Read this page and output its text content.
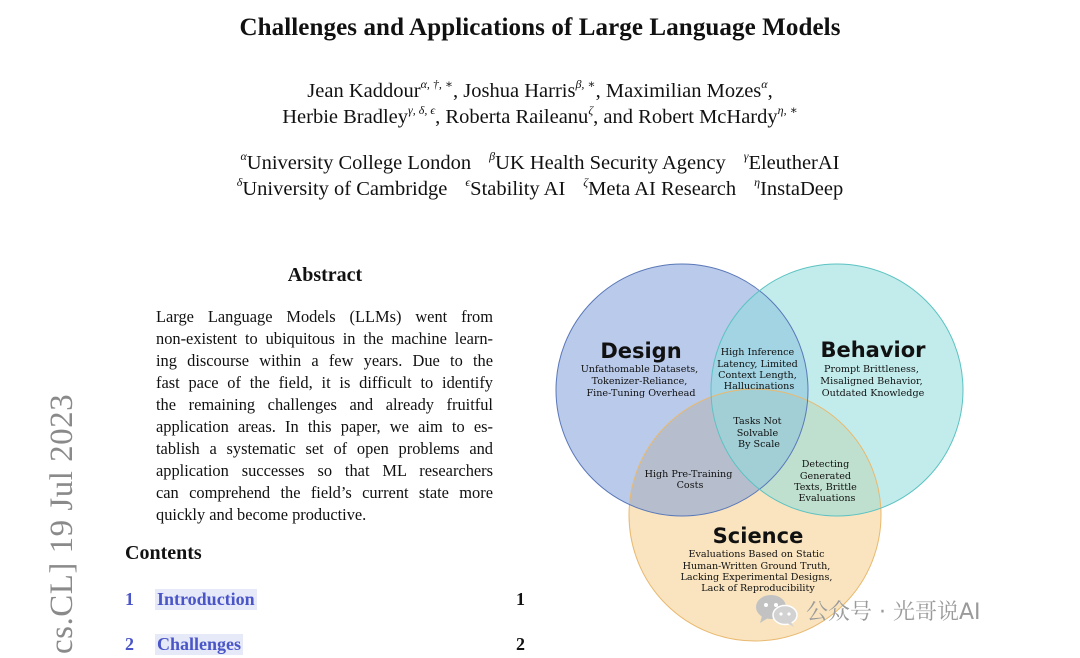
Challenges and Applications of Large Language Models
Jean Kaddour$^{\alpha, \dagger, ∗}$, Joshua Harris$^{\beta, ∗}$, Maximilian Mozes$^\alpha$,
Herbie Bradley$^{\gamma, \delta, \epsilon}$, Roberta Raileanu$^\zeta$, and Robert McHardy$^{\eta, ∗}$
$^\alpha$University College London $^\beta$UK Health Security Agency $^\gamma$EleutherAI
$^\delta$University of Cambridge $^\epsilon$Stability AI $^\zeta$Meta AI Research $^\eta$InstaDeep
Abstract
Large Language Models (LLMs) went from
non-existent to ubiquitous in the machine learn-
ing discourse within a few years. Due to the
fast pace of the field, it is difficult to identify
the remaining challenges and already fruitful
application areas. In this paper, we aim to es-
tablish a systematic set of open problems and
application successes so that ML researchers
can comprehend the field’s current state more
quickly and become productive.
Contents
1 Introduction	1
2 Challenges	2
cs.CL] 19 Jul 2023
Design
Unfathomable Datasets, Tokenizer-Reliance, Fine-Tuning Overhead
Behavior
Prompt Brittleness, Misaligned Behavior, Outdated Knowledge
Science
Evaluations Based on Static Human-Written Ground Truth, Lacking Experimental Designs, Lack of Reproducibility
High Inference Latency, Limited Context Length, Hallucinations
Tasks Not Solvable By Scale
High Pre-Training Costs
Detecting Generated Texts, Brittle Evaluations
公众号 · 光哥说AI
